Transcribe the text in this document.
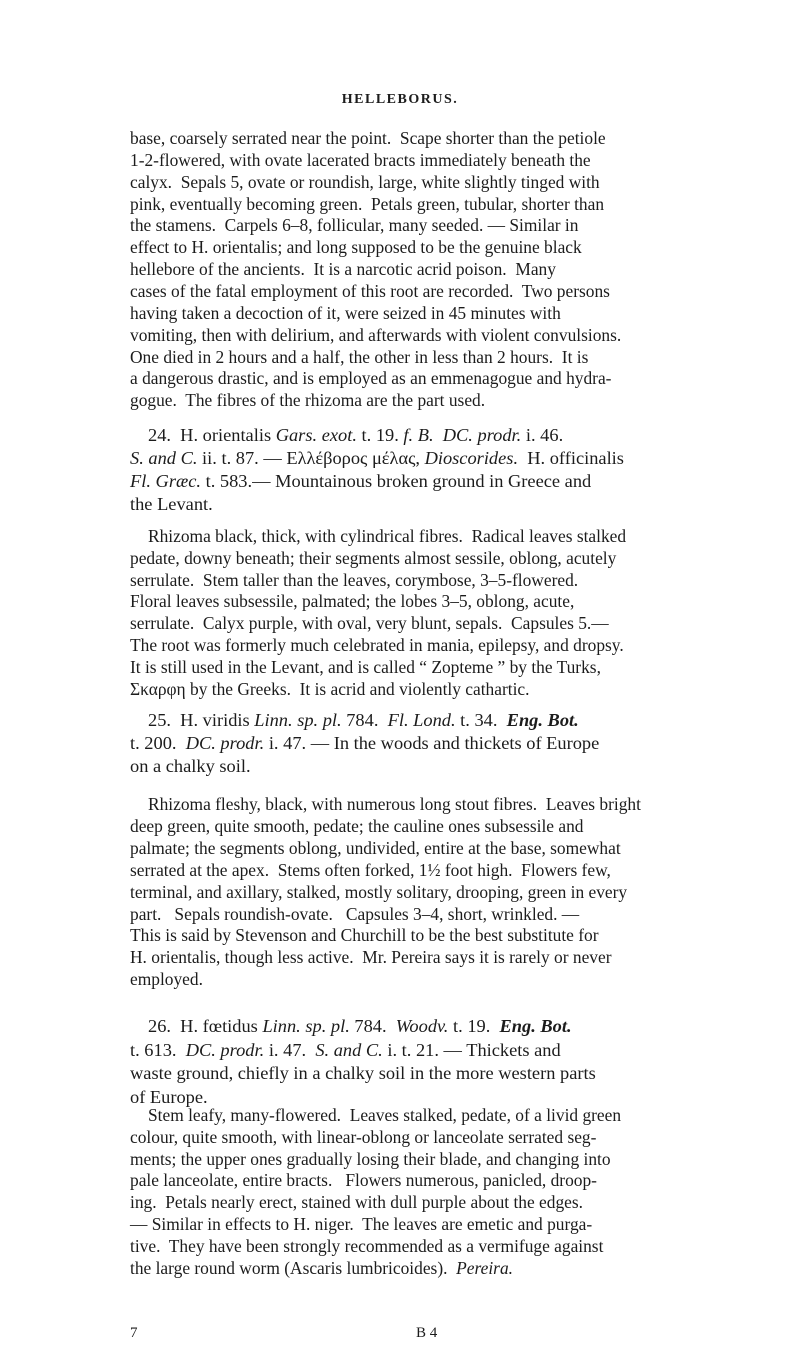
HELLEBORUS.
base, coarsely serrated near the point.  Scape shorter than the petiole
1-2-flowered, with ovate lacerated bracts immediately beneath the
calyx.  Sepals 5, ovate or roundish, large, white slightly tinged with
pink, eventually becoming green.  Petals green, tubular, shorter than
the stamens.  Carpels 6–8, follicular, many seeded. — Similar in
effect to H. orientalis; and long supposed to be the genuine black
hellebore of the ancients.  It is a narcotic acrid poison.  Many
cases of the fatal employment of this root are recorded.  Two persons
having taken a decoction of it, were seized in 45 minutes with
vomiting, then with delirium, and afterwards with violent convulsions.
One died in 2 hours and a half, the other in less than 2 hours.  It is
a dangerous drastic, and is employed as an emmenagogue and hydra-
gogue.  The fibres of the rhizoma are the part used.
24.  H. orientalis Gars. exot. t. 19. f. B.  DC. prodr. i. 46.
S. and C. ii. t. 87. — Ελλέβορος μέλας, Dioscorides.  H. officinalis
Fl. Græc. t. 583.— Mountainous broken ground in Greece and
the Levant.
Rhizoma black, thick, with cylindrical fibres.  Radical leaves stalked
pedate, downy beneath; their segments almost sessile, oblong, acutely
serrulate.  Stem taller than the leaves, corymbose, 3–5-flowered.
Floral leaves subsessile, palmated; the lobes 3–5, oblong, acute,
serrulate.  Calyx purple, with oval, very blunt, sepals.  Capsules 5.—
The root was formerly much celebrated in mania, epilepsy, and dropsy.
It is still used in the Levant, and is called “ Zopteme ” by the Turks,
Σκαρφη by the Greeks.  It is acrid and violently cathartic.
25.  H. viridis Linn. sp. pl. 784.  Fl. Lond. t. 34.  Eng. Bot.
t. 200.  DC. prodr. i. 47. — In the woods and thickets of Europe
on a chalky soil.
Rhizoma fleshy, black, with numerous long stout fibres.  Leaves bright
deep green, quite smooth, pedate; the cauline ones subsessile and
palmate; the segments oblong, undivided, entire at the base, somewhat
serrated at the apex.  Stems often forked, 1½ foot high.  Flowers few,
terminal, and axillary, stalked, mostly solitary, drooping, green in every
part.   Sepals roundish-ovate.   Capsules 3–4, short, wrinkled. —
This is said by Stevenson and Churchill to be the best substitute for
H. orientalis, though less active.  Mr. Pereira says it is rarely or never
employed.
26.  H. fœtidus Linn. sp. pl. 784.  Woodv. t. 19.  Eng. Bot.
t. 613.  DC. prodr. i. 47.  S. and C. i. t. 21. — Thickets and
waste ground, chiefly in a chalky soil in the more western parts
of Europe.
Stem leafy, many-flowered.  Leaves stalked, pedate, of a livid green
colour, quite smooth, with linear-oblong or lanceolate serrated seg-
ments; the upper ones gradually losing their blade, and changing into
pale lanceolate, entire bracts.   Flowers numerous, panicled, droop-
ing.  Petals nearly erect, stained with dull purple about the edges.
— Similar in effects to H. niger.  The leaves are emetic and purga-
tive.  They have been strongly recommended as a vermifuge against
the large round worm (Ascaris lumbricoides).  Pereira.
7	B 4
